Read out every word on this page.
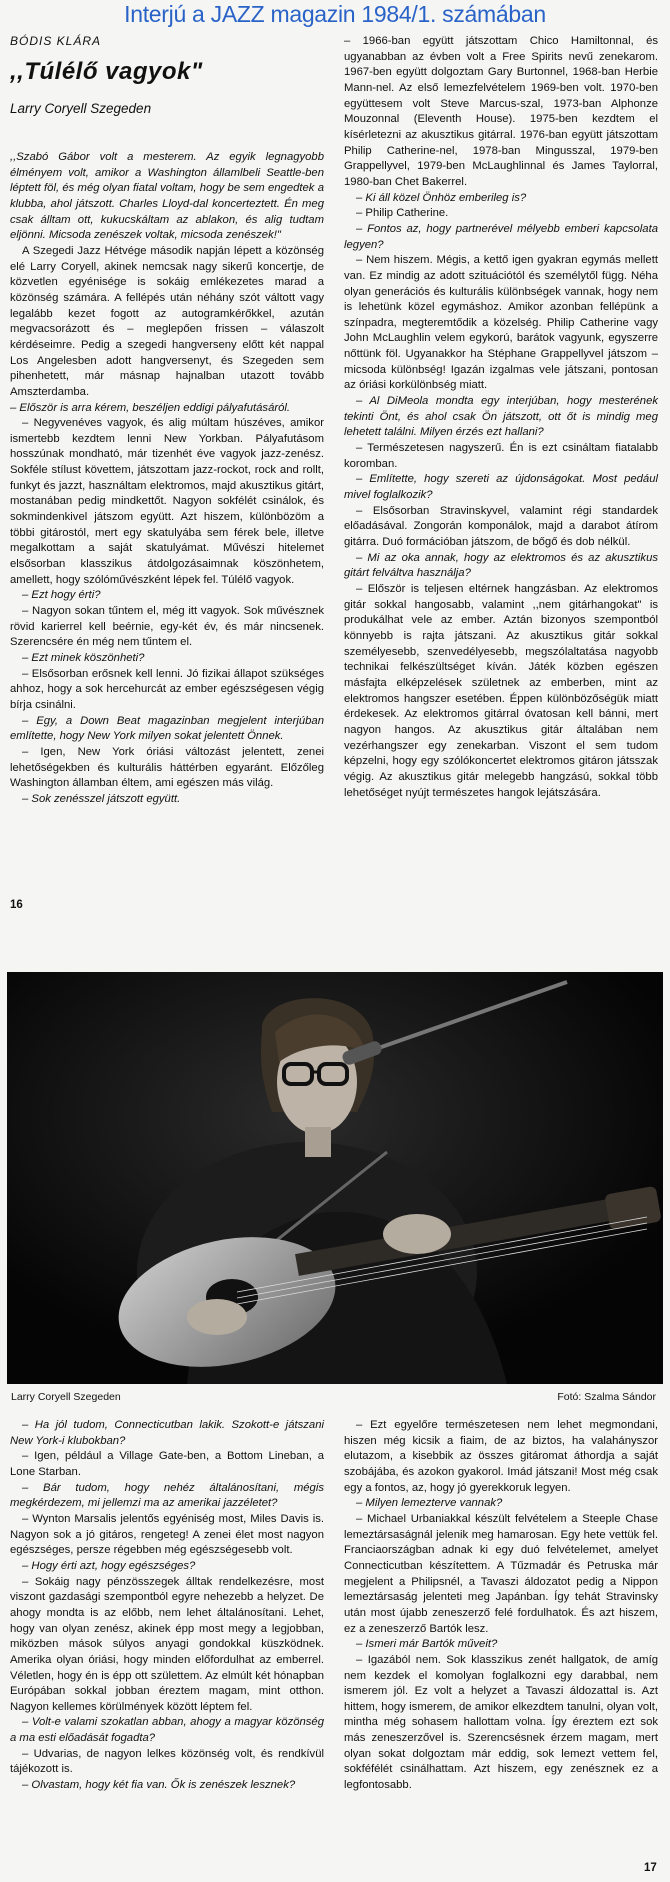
Interjú a JAZZ magazin 1984/1. számában
BÓDIS KLÁRA
,,Túlélő vagyok"
Larry Coryell Szegeden

,,Szabó Gábor volt a mesterem. Az egyik legnagyobb élményem volt, amikor a Washington államlbeli Seattle-ben léptett föl, és még olyan fiatal voltam, hogy be sem engedtek a klubba, ahol játszott. Charles Lloyd-dal koncerteztett. Én meg csak álltam ott, kukucskáltam az ablakon, és alig tudtam eljönni. Micsoda zenészek voltak, micsoda zenészek!"

A Szegedi Jazz Hétvége második napján lépett a közönség elé Larry Coryell, akinek nemcsak nagy sikerű koncertje, de közvetlen egyénisége is sokáig emlékezetes marad a közönség számára. A fellépés után néhány szót váltott vagy legalább kezet fogott az autogramkérőkkel, azután megvacsorázott és – meglepően frissen – válaszolt kérdéseimre. Pedig a szegedi hangverseny előtt két nappal Los Angelesben adott hangversenyt, és Szegeden sem pihenhetett, már másnap hajnalban utazott tovább Amszterdamba.

– Először is arra kérem, beszéljen eddigi pályafutásáról.

– Negyvenéves vagyok, és alig múltam húszéves, amikor ismertebb kezdtem lenni New Yorkban. Pályafutásom hosszúnak mondható, már tizenhét éve vagyok jazz-zenész. Sokféle stílust követtem, játszottam jazz-rockot, rock and rollt, funkyt és jazzt, használtam elektromos, majd akusztikus gitárt, mostanában pedig mindkettőt. Nagyon sokfélét csinálok, és sokmindenkivel játszom együtt. Azt hiszem, különbözöm a többi gitárostól, mert egy skatulyába sem férek bele, illetve megalkottam a saját skatulyámat. Művészi hitelemet elsősorban klasszikus átdolgozásaimnak köszönhetem, amellett, hogy szólóművészként lépek fel. Túlélő vagyok.

– Ezt hogy érti?

– Nagyon sokan tűntem el, még itt vagyok. Sok művésznek rövid karierrel kell beérnie, egy-két év, és már nincsenek. Szerencsére én még nem tűntem el.

– Ezt minek köszönheti?

– Elsősorban erősnek kell lenni. Jó fizikai állapot szükséges ahhoz, hogy a sok hercehurcát az ember egészségesen végig bírja csinálni.

– Egy, a Down Beat magazinban megjelent interjúban említette, hogy New York milyen sokat jelentett Önnek.

– Igen, New York óriási változást jelentett, zenei lehetőségekben és kulturális háttérben egyaránt. Előzőleg Washington államban éltem, ami egészen más világ.

– Sok zenésszel játszott együtt.

– 1966-ban együtt játszottam Chico Hamiltonnal, és ugyanabban az évben volt a Free Spirits nevű zenekarom. 1967-ben együtt dolgoztam Gary Burtonnel, 1968-ban Herbie Mann-nel. Az első lemezfelvételem 1969-ben volt. 1970-ben együttesem volt Steve Marcus-szal, 1973-ban Alphonze Mouzonnal (Eleventh House). 1975-ben kezdtem el kísérletezni az akusztikus gitárral. 1976-ban együtt játszottam Philip Catherine-nel, 1978-ban Mingusszal, 1979-ben Grappellyvel, 1979-ben McLaughlinnal és James Taylorral, 1980-ban Chet Bakerrel.

– Ki áll közel Önhöz emberileg is?

– Philip Catherine.

– Fontos az, hogy partnerével mélyebb emberi kapcsolata legyen?

– Nem hiszem. Mégis, a kettő igen gyakran egymás mellett van. Ez mindig az adott szituációtól és személytől függ. Néha olyan generációs és kulturális különbségek vannak, hogy nem is lehetünk közel egymáshoz. Amikor azonban fellépünk a színpadra, megteremtődik a közelség. Philip Catherine vagy John McLaughlin velem egykorú, barátok vagyunk, egyszerre nőttünk föl. Ugyanakkor ha Stéphane Grappellyvel játszom – micsoda különbség! Igazán izgalmas vele játszani, pontosan az óriási korkülönbség miatt.

– Al DiMeola mondta egy interjúban, hogy mesterének tekinti Önt, és ahol csak Ön játszott, ott őt is mindig meg lehetett találni. Milyen érzés ezt hallani?

– Természetesen nagyszerű. Én is ezt csináltam fiatalabb koromban.

– Említette, hogy szereti az újdonságokat. Most pedául mivel foglalkozik?

– Elsősorban Stravinskyvel, valamint régi standardek előadásával. Zongorán komponálok, majd a darabot átírom gitárra. Duó formációban játszom, de bőgő és dob nélkül.

– Mi az oka annak, hogy az elektromos és az akusztikus gitárt felváltva használja?

– Először is teljesen eltérnek hangzásban. Az elektromos gitár sokkal hangosabb, valamint ,,nem gitárhangokat" is produkálhat vele az ember. Aztán bizonyos szempontból könnyebb is rajta játszani. Az akusztikus gitár sokkal személyesebb, szenvedélyesebb, megszólaltatása nagyobb technikai felkészültséget kíván. Játék közben egészen másfajta elképzelések születnek az emberben, mint az elektromos hangszer esetében. Éppen különbözőségük miatt érdekesek. Az elektromos gitárral óvatosan kell bánni, mert nagyon hangos. Az akusztikus gitár általában nem vezérhangszer egy zenekarban. Viszont el sem tudom képzelni, hogy egy szólókoncertet elektromos gitáron játsszak végig. Az akusztikus gitár melegebb hangzású, sokkal több lehetőséget nyújt természetes hangok lejátszására.

16
Larry Coryell Szegeden	Fotó: Szalma Sándor

– Ha jól tudom, Connecticutban lakik. Szokott-e játszani New York-i klubokban?

– Igen, például a Village Gate-ben, a Bottom Lineban, a Lone Starban.

– Bár tudom, hogy nehéz általánosítani, mégis megkérdezem, mi jellemzi ma az amerikai jazzéletet?

– Wynton Marsalis jelentős egyéniség most, Miles Davis is. Nagyon sok a jó gitáros, rengeteg! A zenei élet most nagyon egészséges, persze régebben még egészségesebb volt.

– Hogy érti azt, hogy egészséges?

– Sokáig nagy pénzösszegek álltak rendelkezésre, most viszont gazdasági szempontból egyre nehezebb a helyzet. De ahogy mondta is az előbb, nem lehet általánosítani. Lehet, hogy van olyan zenész, akinek épp most megy a legjobban, miközben mások súlyos anyagi gondokkal küszködnek. Amerika olyan óriási, hogy minden előfordulhat az emberrel. Véletlen, hogy én is épp ott születtem. Az elmúlt két hónapban Európában sokkal jobban éreztem magam, mint otthon. Nagyon kellemes körülmények között léptem fel.

– Volt-e valami szokatlan abban, ahogy a magyar közönség a ma esti előadását fogadta?

– Udvarias, de nagyon lelkes közönség volt, és rendkívül tájékozott is.

– Olvastam, hogy két fia van. Ők is zenészek lesznek?

– Ezt egyelőre természetesen nem lehet megmondani, hiszen még kicsik a fiaim, de az biztos, ha valahányszor elutazom, a kisebbik az összes gitáromat áthordja a saját szobájába, és azokon gyakorol. Imád játszani! Most még csak egy a fontos, az, hogy jó gyerekkoruk legyen.

– Milyen lemezterve vannak?

– Michael Urbaniakkal készült felvételem a Steeple Chase lemeztársaságnál jelenik meg hamarosan. Egy hete vettük fel. Franciaországban adnak ki egy duó felvételemet, amelyet Connecticutban készítettem. A Tűzmadár és Petruska már megjelent a Philipsnél, a Tavaszi áldozatot pedig a Nippon lemeztársaság jelenteti meg Japánban. Így tehát Stravinsky után most újabb zeneszerző felé fordulhatok. És azt hiszem, ez a zeneszerző Bartók lesz.

– Ismeri már Bartók műveit?

– Igazából nem. Sok klasszikus zenét hallgatok, de amíg nem kezdek el komolyan foglalkozni egy darabbal, nem ismerem jól. Ez volt a helyzet a Tavaszi áldozattal is. Azt hittem, hogy ismerem, de amikor elkezdtem tanulni, olyan volt, mintha még sohasem hallottam volna. Így éreztem ezt sok más zeneszerzővel is. Szerencsésnek érzem magam, mert olyan sokat dolgoztam már eddig, sok lemezt vettem fel, sokféfélét csinálhattam. Azt hiszem, egy zenésznek ez a legfontosabb.

17
